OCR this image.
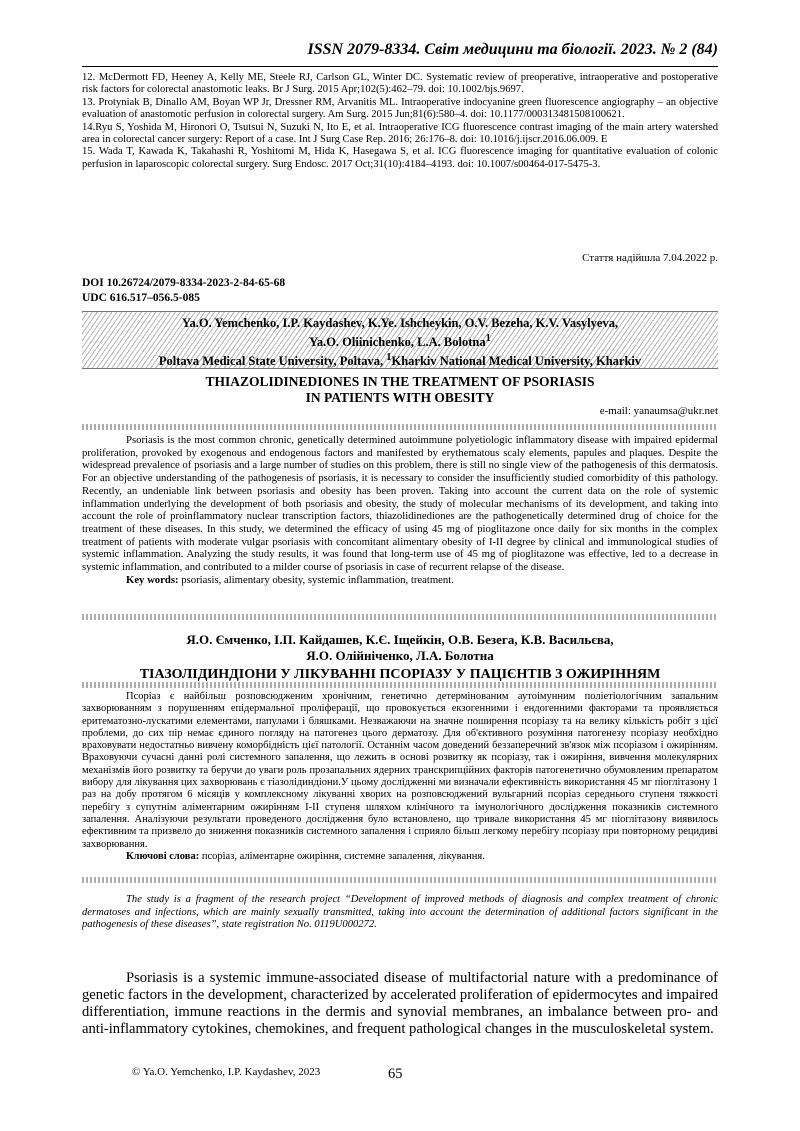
ISSN 2079-8334. Світ медицини та біології. 2023. № 2 (84)

12. McDermott FD, Heeney A, Kelly ME, Steele RJ, Carlson GL, Winter DC. Systematic review of preoperative, intraoperative and postoperative risk factors for colorectal anastomotic leaks. Br J Surg. 2015 Apr;102(5):462–79. doi: 10.1002/bjs.9697.

13. Protyniak B, Dinallo AM, Boyan WP Jr, Dressner RM, Arvanitis ML. Intraoperative indocyanine green fluorescence angiography – an objective evaluation of anastomotic perfusion in colorectal surgery. Am Surg. 2015 Jun;81(6):580–4. doi: 10.1177/000313481508100621.

14.Ryu S, Yoshida M, Hironori O, Tsutsui N, Suzuki N, Ito E, et al. Intraoperative ICG fluorescence contrast imaging of the main artery watershed area in colorectal cancer surgery: Report of a case. Int J Surg Case Rep. 2016; 26:176–8. doi: 10.1016/j.ijscr.2016.06.009. E

15. Wada T, Kawada K, Takahashi R, Yoshitomi M, Hida K, Hasegawa S, et al. ICG fluorescence imaging for quantitative evaluation of colonic perfusion in laparoscopic colorectal surgery. Surg Endosc. 2017 Oct;31(10):4184–4193. doi: 10.1007/s00464-017-5475-3.

Стаття надійшла 7.04.2022 р.
DOI 10.26724/2079-8334-2023-2-84-65-68
UDC 616.517–056.5-085

Ya.O. Yemchenko, I.P. Kaydashev, K.Ye. Ishcheykin, O.V. Bezeha, K.V. Vasylyeva,

Ya.O. Oliinichenko, L.A. Bolotna$^1$

Poltava Medical State University, Poltava, $^1$Kharkiv National Medical University, Kharkiv

THIAZOLIDINEDIONES IN THE TREATMENT OF PSORIASIS
IN PATIENTS WITH OBESITY
e-mail: yanaumsa@ukr.net

Psoriasis is the most common chronic, genetically determined autoimmune polyetiologic inflammatory disease with impaired epidermal proliferation, provoked by exogenous and endogenous factors and manifested by erythematous scaly elements, papules and plaques. Despite the widespread prevalence of psoriasis and a large number of studies on this problem, there is still no single view of the pathogenesis of this dermatosis. For an objective understanding of the pathogenesis of psoriasis, it is necessary to consider the insufficiently studied comorbidity of this pathology. Recently, an undeniable link between psoriasis and obesity has been proven. Taking into account the current data on the role of systemic inflammation underlying the development of both psoriasis and obesity, the study of molecular mechanisms of its development, and taking into account the role of proinflammatory nuclear transcription factors, thiazolidinediones are the pathogenetically determined drug of choice for the treatment of these diseases. In this study, we determined the efficacy of using 45 mg of pioglitazone once daily for six months in the complex treatment of patients with moderate vulgar psoriasis with concomitant alimentary obesity of I-II degree by clinical and immunological studies of systemic inflammation. Analyzing the study results, it was found that long-term use of 45 mg of pioglitazone was effective, led to a decrease in systemic inflammation, and contributed to a milder course of psoriasis in case of recurrent relapse of the disease.

Key words: psoriasis, alimentary obesity, systemic inflammation, treatment.

Я.О. Ємченко, І.П. Кайдашев, К.Є. Іщейкін, О.В. Безега, К.В. Васильєва,
Я.О. Олійніченко, Л.А. Болотна
ТІАЗОЛІДИНДІОНИ У ЛІКУВАННІ ПСОРІАЗУ У ПАЦІЄНТІВ З ОЖИРІННЯМ

Псоріаз є найбільш розповсюдженим хронічним, генетично детермінованим аутоімунним поліетіологічним запальним захворюванням з порушенням епідермальної проліферації, що провокується екзогенними і ендогенними факторами та проявляється еритематозно-лускатими елементами, папулами і бляшками. Незважаючи на значне поширення псоріазу та на велику кількість робіт з цієї проблеми, до сих пір немає єдиного погляду на патогенез цього дерматозу. Для об'єктивного розуміння патогенезу псоріазу необхідно враховувати недостатньо вивчену коморбідність цієї патології. Останнім часом доведений беззаперечний зв'язок між псоріазом і ожирінням. Враховуючи сучасні данні ролі системного запалення, що лежить в основі розвитку як псоріазу, так і ожиріння, вивчення молекулярних механізмів його розвитку та беручи до уваги роль прозапальних ядерних транскрипційних факторів патогенетично обумовленим препаратом вибору для лікування цих захворювань є тіазолідиндіони.У цьому дослідженні ми визначали ефективність використання 45 мг піоглітазону 1 раз на добу протягом 6 місяців у комплексному лікуванні хворих на розповсюджений вульгарний псоріаз середнього ступеня тяжкості перебігу з супутнім аліментарним ожирінням І-ІІ ступеня шляхом клінічного та імунологічного дослідження показників системного запалення. Аналізуючи результати проведеного дослідження було встановлено, що тривале використання 45 мг піоглітазону виявилось ефективним та призвело до зниження показників системного запалення і сприяло більш легкому перебігу псоріазу при повторному рецидиві захворювання.

Ключові слова: псоріаз, аліментарне ожиріння, системне запалення, лікування.

The study is a fragment of the research project “Development of improved methods of diagnosis and complex treatment of chronic dermatoses and infections, which are mainly sexually transmitted, taking into account the determination of additional factors significant in the pathogenesis of these diseases”, state registration No. 0119U000272.

Psoriasis is a systemic immune-associated disease of multifactorial nature with a predominance of genetic factors in the development, characterized by accelerated proliferation of epidermocytes and impaired differentiation, immune reactions in the dermis and synovial membranes, an imbalance between pro- and anti-inflammatory cytokines, chemokines, and frequent pathological changes in the musculoskeletal system.

© Ya.O. Yemchenko, I.P. Kaydashev, 2023	65
